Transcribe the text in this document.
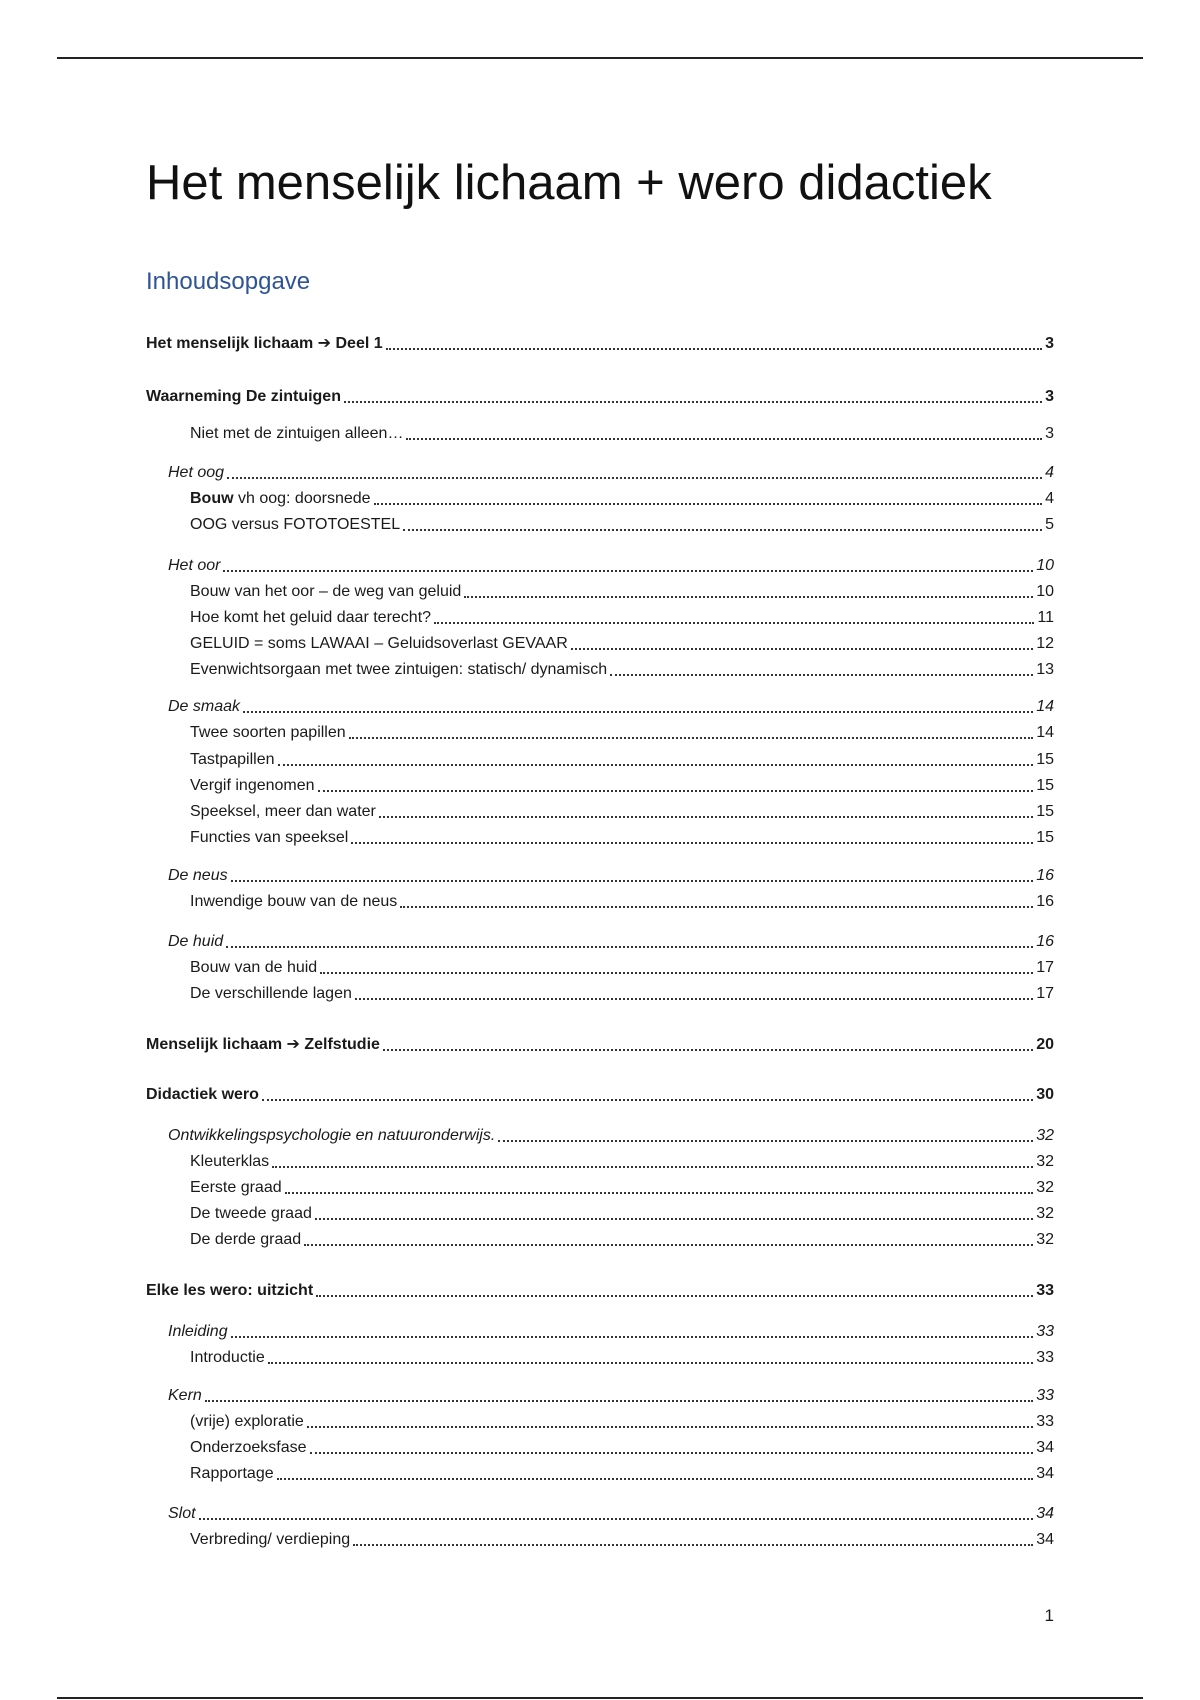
Het menselijk lichaam + wero didactiek
Inhoudsopgave
Het menselijk lichaam ➔ Deel 1	3
Waarneming De zintuigen	3
Niet met de zintuigen alleen…	3
Het oog	4
Bouw vh oog: doorsnede	4
OOG versus FOTOTOESTEL	5
Het oor	10
Bouw van het oor – de weg van geluid	10
Hoe komt het geluid daar terecht?	11
GELUID = soms LAWAAI – Geluidsoverlast GEVAAR	12
Evenwichtsorgaan met twee zintuigen: statisch/ dynamisch	13
De smaak	14
Twee soorten papillen	14
Tastpapillen	15
Vergif ingenomen	15
Speeksel, meer dan water	15
Functies van speeksel	15
De neus	16
Inwendige bouw van de neus	16
De huid	16
Bouw van de huid	17
De verschillende lagen	17
Menselijk lichaam ➔ Zelfstudie	20
Didactiek wero	30
Ontwikkelingspsychologie en natuuronderwijs.	32
Kleuterklas	32
Eerste graad	32
De tweede graad	32
De derde graad	32
Elke les wero: uitzicht	33
Inleiding	33
Introductie	33
Kern	33
(vrije) exploratie	33
Onderzoeksfase	34
Rapportage	34
Slot	34
Verbreding/ verdieping	34
1
